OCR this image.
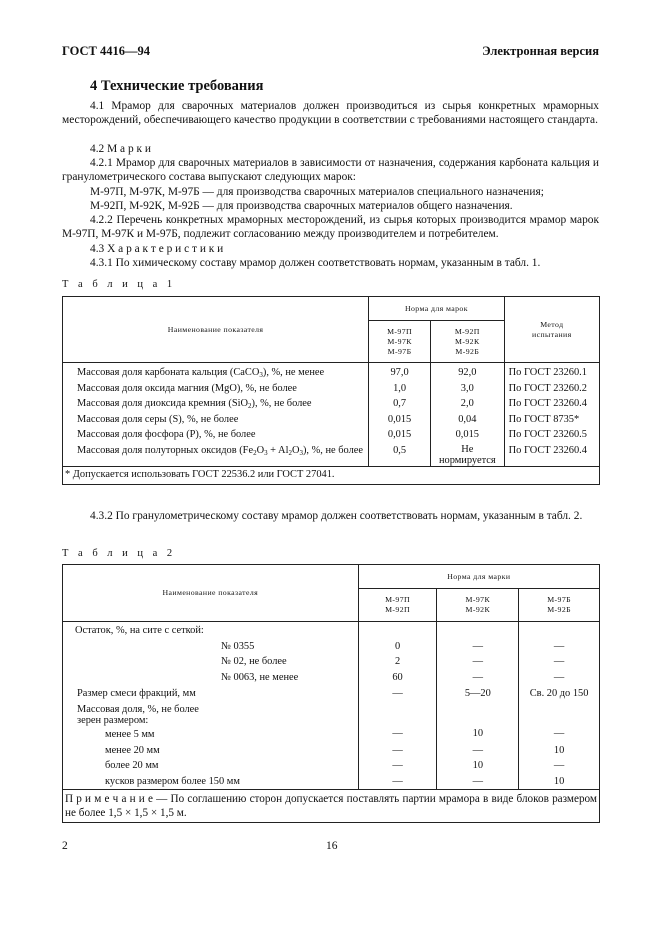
ГОСТ 4416—94	Электронная версия
4 Технические требования
4.1 Мрамор для сварочных материалов должен производиться из сырья конкретных мраморных месторождений, обеспечивающего качество продукции в соответствии с требованиями настоящего стандарта.
4.2 М а р к и
4.2.1 Мрамор для сварочных материалов в зависимости от назначения, содержания карбоната кальция и гранулометрического состава выпускают следующих марок:
М-97П, М-97К, М-97Б — для производства сварочных материалов специального назначения;
М-92П, М-92К, М-92Б — для производства сварочных материалов общего назначения.
4.2.2 Перечень конкретных мраморных месторождений, из сырья которых производится мрамор марок М-97П, М-97К и М-97Б, подлежит согласованию между производителем и потребителем.
4.3 Х а р а к т е р и с т и к и
4.3.1 По химическому составу мрамор должен соответствовать нормам, указанным в табл. 1.
Т а б л и ц а 1
Наименование показателя	Норма для марок		Метод испытания
	М-97П
М-97К
М-97Б	М-92П
М-92К
М-92Б	
Массовая доля карбоната кальция (CaCO$_3$), %, не менее	97,0	92,0	По ГОСТ 23260.1
Массовая доля оксида магния (MgO), %, не более	1,0	3,0	По ГОСТ 23260.2
Массовая доля диоксида кремния (SiO$_2$), %, не более	0,7	2,0	По ГОСТ 23260.4
Массовая доля серы (S), %, не более	0,015	0,04	По ГОСТ 8735*
Массовая доля фосфора (Р), %, не более	0,015	0,015	По ГОСТ 23260.5
Массовая доля полуторных оксидов $(Fe_2O_3 + Al_2O_3)$, %, не более	0,5	Не нормируется	По ГОСТ 23260.4
* Допускается использовать ГОСТ 22536.2 или ГОСТ 27041.			
4.3.2 По гранулометрическому составу мрамор должен соответствовать нормам, указанным в табл. 2.
Т а б л и ц а 2
Наименование показателя	Норма для марки		
	М-97П
М-92П	М-97К
М-92К	М-97Б
М-92Б
Остаток, %, на сите с сеткой:			
№ 0355	0	—	—
№ 02, не более	2	—	—
№ 0063, не менее	60	—	—
Размер смеси фракций, мм	—	5—20	Св. 20 до 150
Массовая доля, %, не более зерен размером:			
менее 5 мм	—	10	—
менее 20 мм	—	—	10
более 20 мм	—	10	—
кусков размером более 150 мм	—	—	10
П р и м е ч а н и е — По соглашению сторон допускается поставлять партии мрамора в виде блоков размером не более 1,5 × 1,5 × 1,5 м.			
2	16
